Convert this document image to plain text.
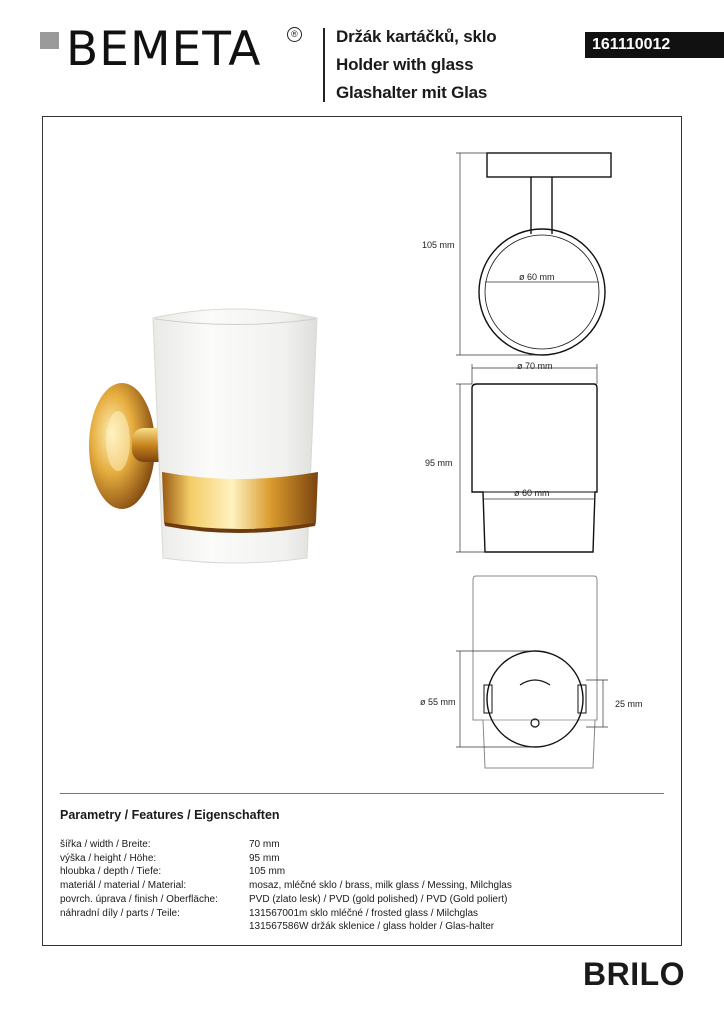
BEMETA	® Držák kartáčků, sklo
Holder with glass
Glashalter mit Glas
161110012
105 mm
ø 60 mm
ø 70 mm
95 mm
ø 60 mm
ø 55 mm	25 mm
Parametry / Features / Eigenschaften
šířka / width / Breite:	70 mm
výška / height / Höhe:	95 mm
hloubka / depth / Tiefe:	105 mm
materiál / material / Material:	mosaz, mléčné sklo / brass, milk glass / Messing, Milchglas
povrch. úprava / finish / Oberfläche:	PVD (zlato lesk) / PVD (gold polished) / PVD (Gold poliert)
náhradní díly / parts / Teile:	131567001m sklo mléčné / frosted glass / Milchglas
131567586W držák sklenice / glass holder / Glas-halter
BRILO
